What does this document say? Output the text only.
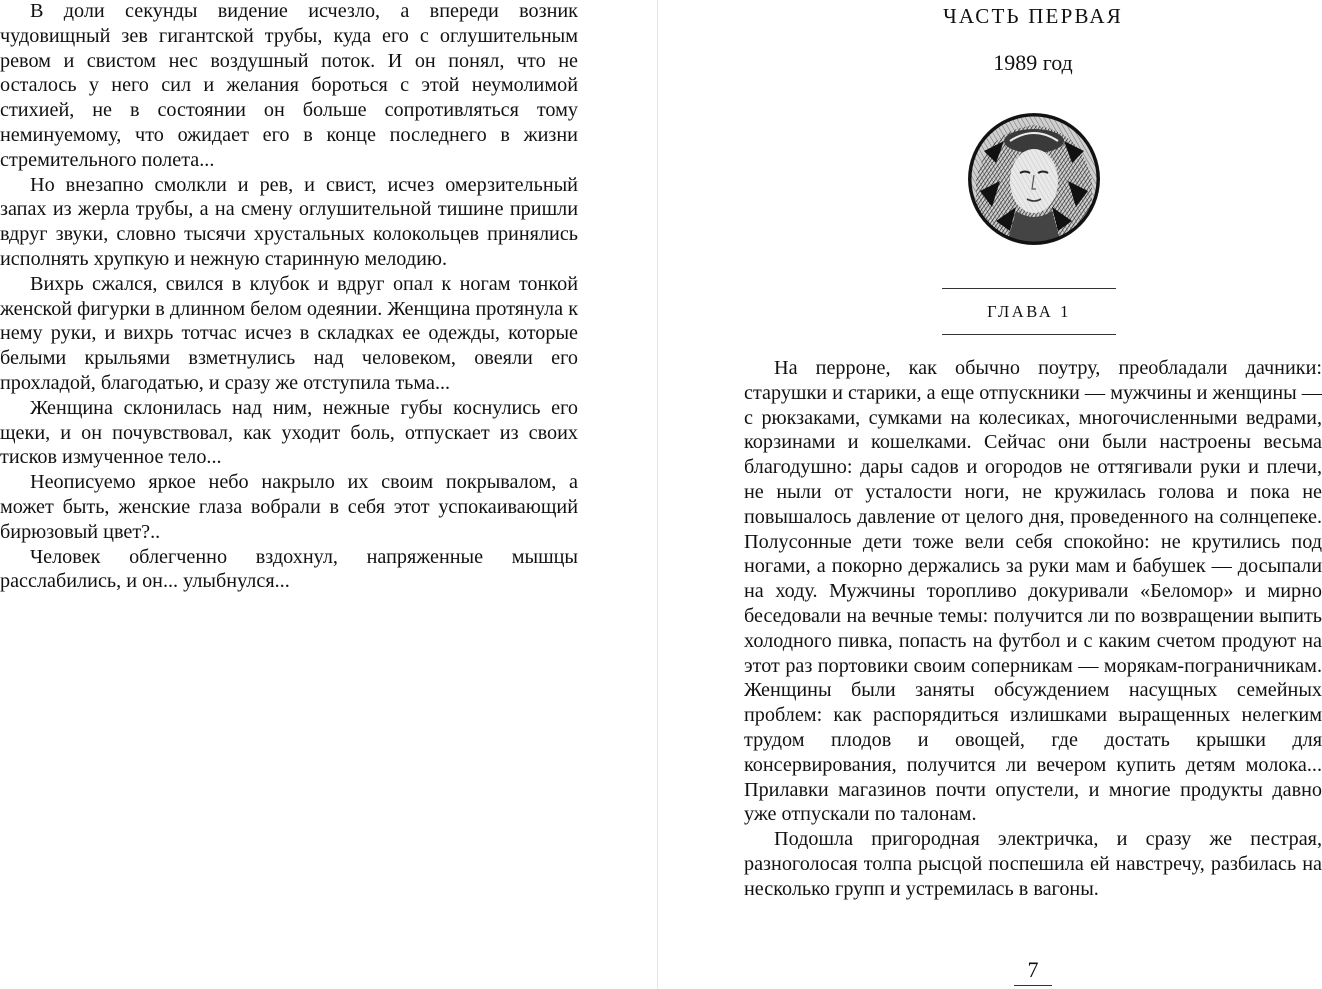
В доли секунды видение исчезло, а впереди возник чудовищный зев гигантской трубы, куда его с оглушительным ревом и свистом нес воздушный поток. И он понял, что не осталось у него сил и желания бороться с этой неумолимой стихией, не в состоянии он больше сопротивляться тому неминуемому, что ожидает его в конце последнего в жизни стремительного полета...

Но внезапно смолкли и рев, и свист, исчез омерзительный запах из жерла трубы, а на смену оглушительной тишине пришли вдруг звуки, словно тысячи хрустальных колокольцев принялись исполнять хрупкую и нежную старинную мелодию.

Вихрь сжался, свился в клубок и вдруг опал к ногам тонкой женской фигурки в длинном белом одеянии. Женщина протянула к нему руки, и вихрь тотчас исчез в складках ее одежды, которые белыми крыльями взметнулись над человеком, овеяли его прохладой, благодатью, и сразу же отступила тьма...

Женщина склонилась над ним, нежные губы коснулись его щеки, и он почувствовал, как уходит боль, отпускает из своих тисков измученное тело...

Неописуемо яркое небо накрыло их своим покрывалом, а может быть, женские глаза вобрали в себя этот успокаивающий бирюзовый цвет?..

Человек облегченно вздохнул, напряженные мышцы расслабились, и он... улыбнулся...

ЧАСТЬ ПЕРВАЯ
1989 год
ГЛАВА 1

На перроне, как обычно поутру, преобладали дачники: старушки и старики, а еще отпускники — мужчины и женщины — с рюкзаками, сумками на колесиках, многочисленными ведрами, корзинами и кошелками. Сейчас они были настроены весьма благодушно: дары садов и огородов не оттягивали руки и плечи, не ныли от усталости ноги, не кружилась голова и пока не повышалось давление от целого дня, проведенного на солнцепеке. Полусонные дети тоже вели себя спокойно: не крутились под ногами, а покорно держались за руки мам и бабушек — досыпали на ходу. Мужчины торопливо докуривали «Беломор» и мирно беседовали на вечные темы: получится ли по возвращении выпить холодного пивка, попасть на футбол и с каким счетом продуют на этот раз портовики своим соперникам — морякам-пограничникам. Женщины были заняты обсуждением насущных семейных проблем: как распорядиться излишками выращенных нелегким трудом плодов и овощей, где достать крышки для консервирования, получится ли вечером купить детям молока... Прилавки магазинов почти опустели, и многие продукты давно уже отпускали по талонам.

Подошла пригородная электричка, и сразу же пестрая, разноголосая толпа рысцой поспешила ей навстречу, разбилась на несколько групп и устремилась в вагоны.

7
